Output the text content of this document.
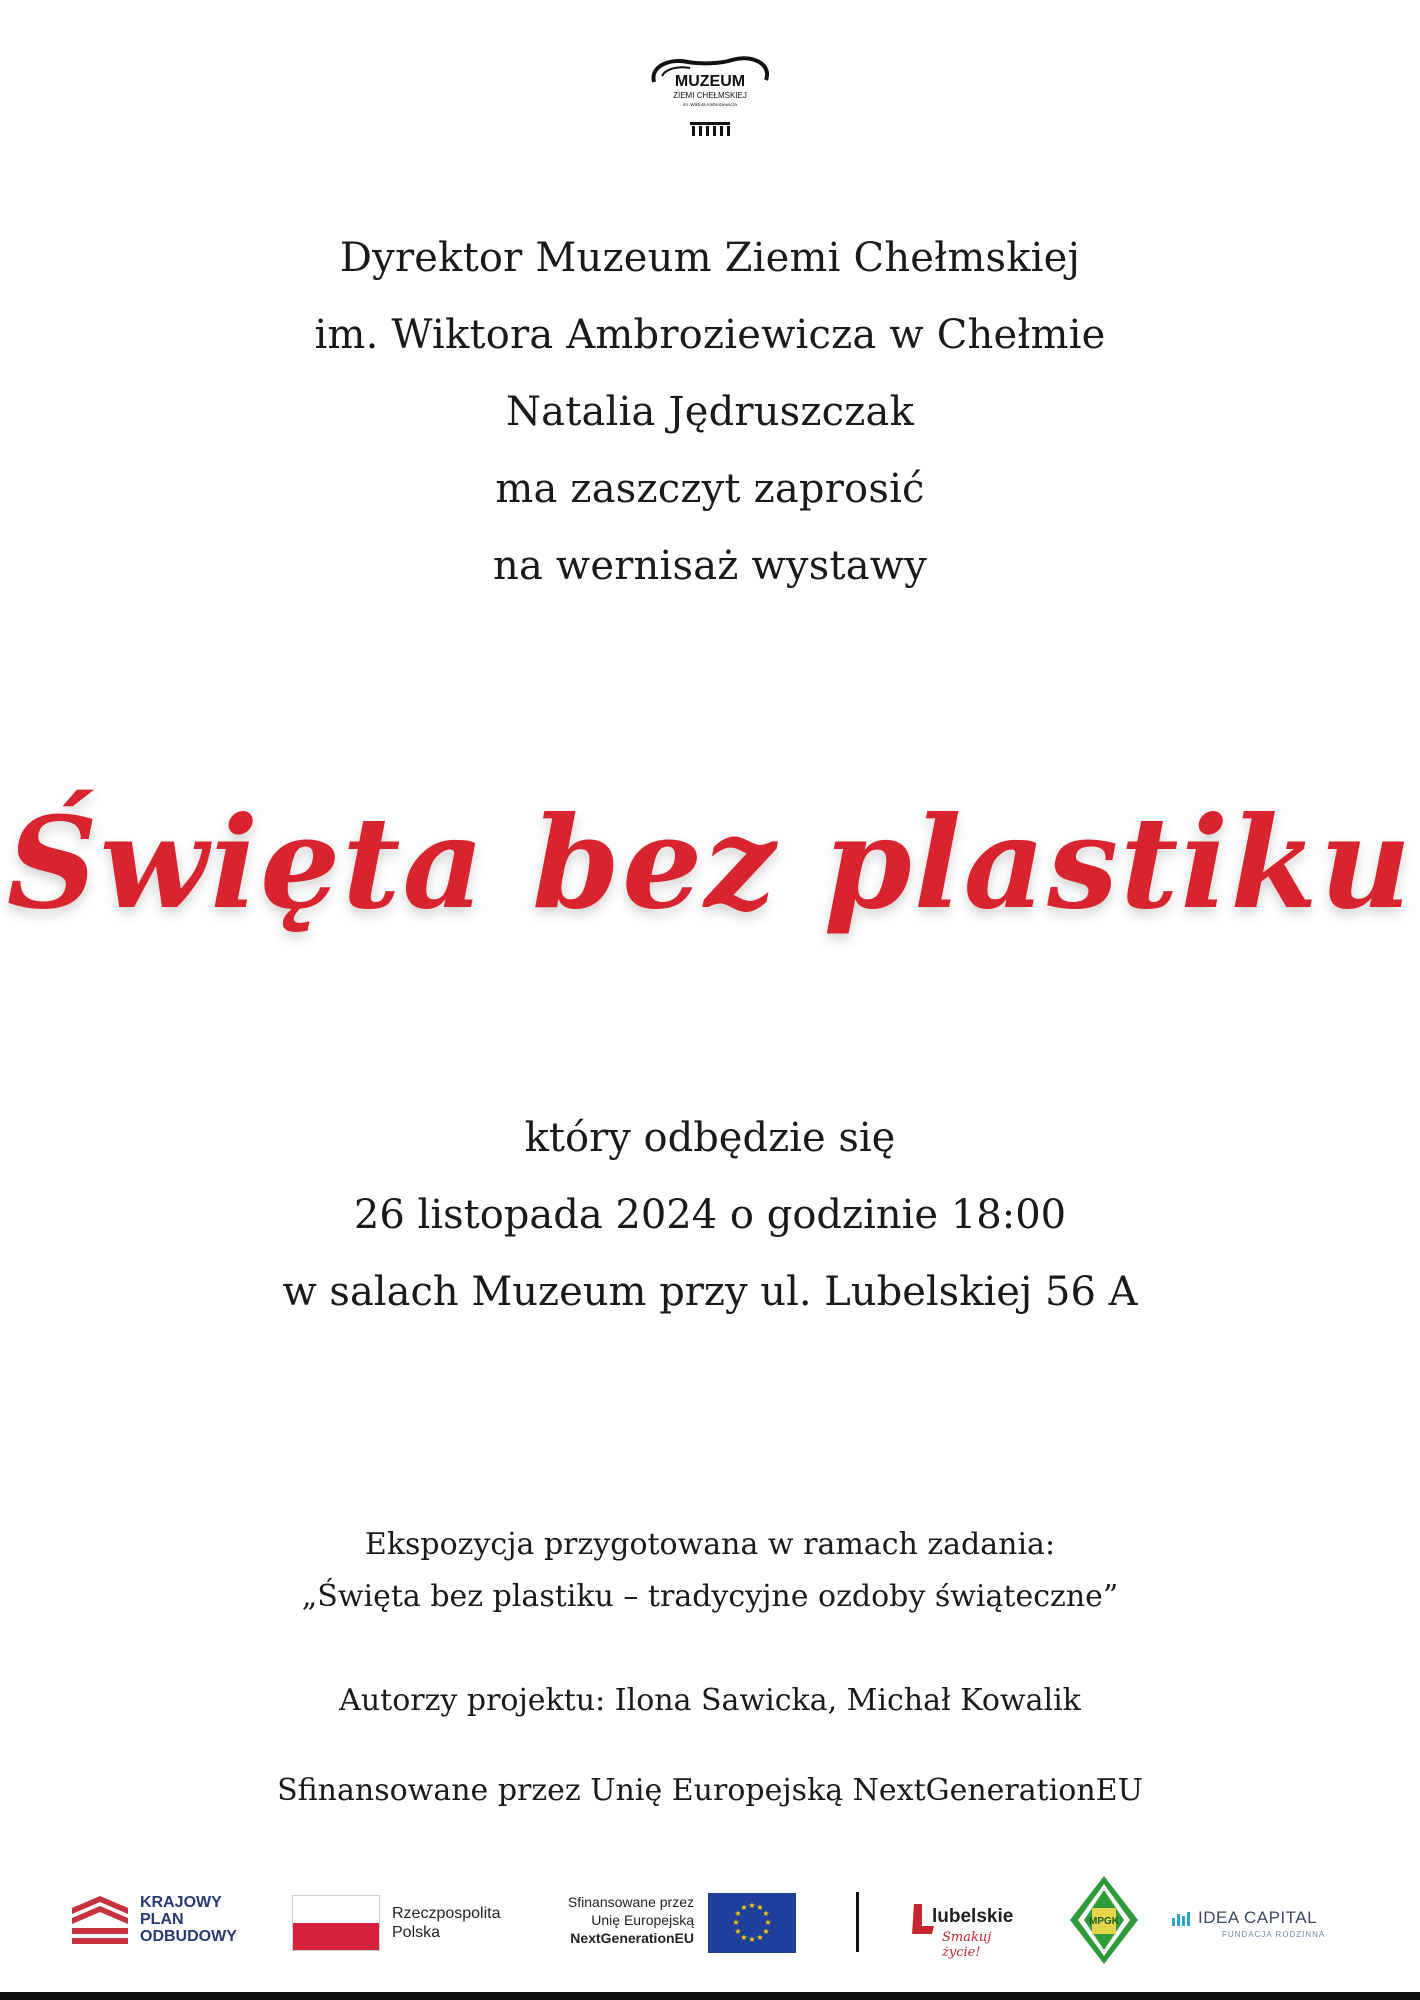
MUZEUM
ZIEMI CHEŁMSKIEJ
im. Wiktora Ambroziewicza
Dyrektor Muzeum Ziemi Chełmskiej
im. Wiktora Ambroziewicza w Chełmie
Natalia Jędruszczak
ma zaszczyt zaprosić
na wernisaż wystawy
Święta bez plastiku
który odbędzie się
26 listopada 2024 o godzinie 18:00
w salach Muzeum przy ul. Lubelskiej 56 A
Ekspozycja przygotowana w ramach zadania:
„Święta bez plastiku – tradycyjne ozdoby świąteczne”
Autorzy projektu: Ilona Sawicka, Michał Kowalik
Sfinansowane przez Unię Europejską NextGenerationEU
KRAJOWY
PLAN
ODBUDOWY
Rzeczpospolita
Polska
Sfinansowane przez
Unię Europejską
NextGenerationEU
★ ★
★
★
★
★
★
★
★
★
★
★	lubelskie
Smakuj życie!
MPGK	IDEA CAPITAL
FUNDACJA RODZINNA
